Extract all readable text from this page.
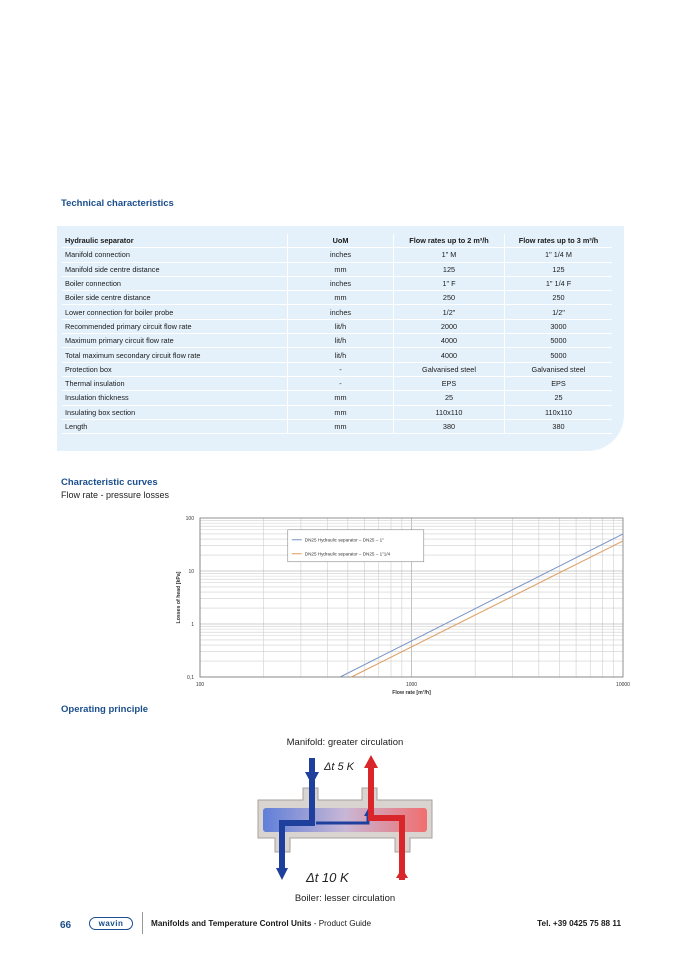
Technical characteristics
Hydraulic separator	UoM	Flow rates up to 2 m³/h	Flow rates up to 3 m³/h
Manifold connection	inches	1" M	1" 1/4 M
Manifold side centre distance	mm	125	125
Boiler connection	inches	1" F	1" 1/4 F
Boiler side centre distance	mm	250	250
Lower connection for boiler probe	inches	1/2"	1/2"
Recommended primary circuit flow rate	lit/h	2000	3000
Maximum primary circuit flow rate	lit/h	4000	5000
Total maximum secondary circuit flow rate	lit/h	4000	5000
Protection box	-	Galvanised steel	Galvanised steel
Thermal insulation	-	EPS	EPS
Insulation thickness	mm	25	25
Insulating box section	mm	110x110	110x110
Length	mm	380	380
Characteristic curves
Flow rate - pressure losses
100	1000	10000
100
10
1
0,1
Flow rate [m³/h]
Losses of head [kPa]
DN25 Hydraulic separator – DN25 – 1"
DN25 Hydraulic separator – DN25 – 1"1/4
Operating principle
Manifold: greater circulation
Δt 5 K
Δt 10 K
Boiler: lesser circulation
66	wavin	Manifolds and Temperature Control Units - Product Guide	Tel. +39 0425 75 88 11
